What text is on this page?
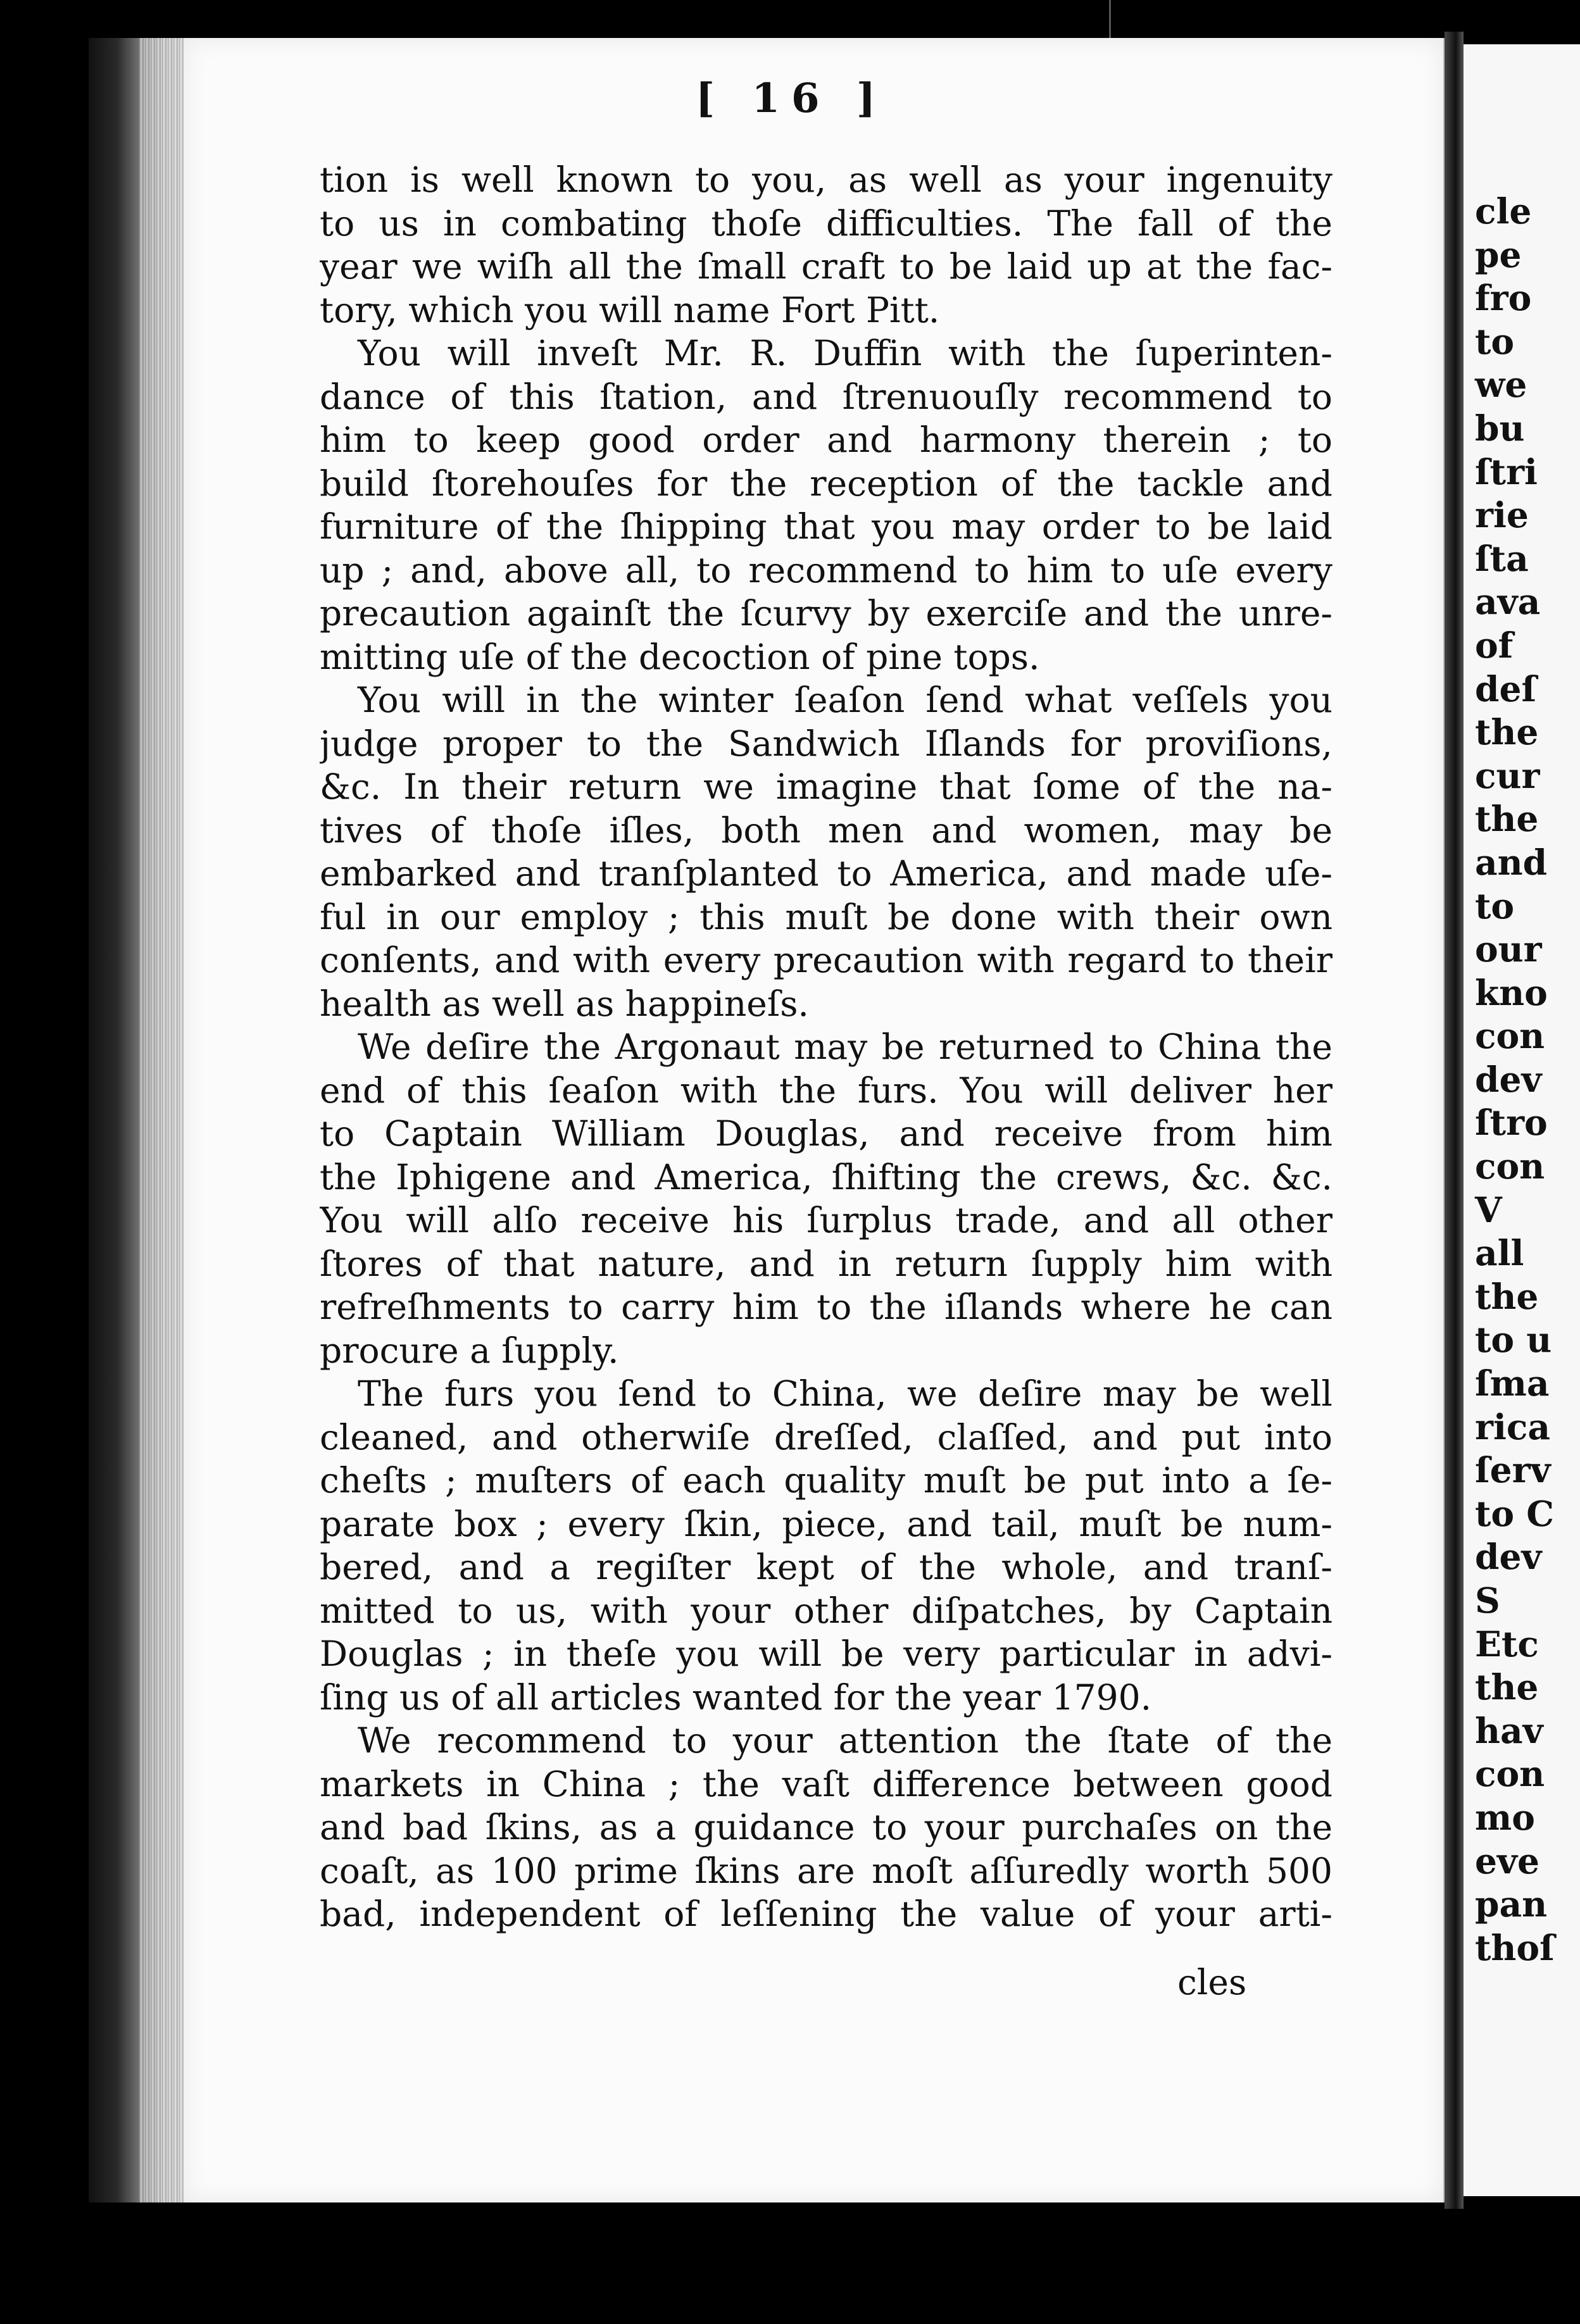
cle
pe
fro
to
we
bu
ſtri
rie
ſta
ava
of
deſ
the
cur
the
and
to
our
kno
con
dev
ſtro
con
V
all
the
to u
ſma
rica
ſerv
to C
dev
S
Etc
the
hav
con
mo
eve
pan
thoſ
[ 16 ]
tion is well known to you, as well as your ingenuity
to us in combating thoſe difficulties. The fall of the
year we wiſh all the ſmall craft to be laid up at the fac-
tory, which you will name Fort Pitt.
You will inveſt Mr. R. Duffin with the ſuperinten-
dance of this ſtation, and ſtrenuouſly recommend to
him to keep good order and harmony therein ; to
build ſtorehouſes for the reception of the tackle and
furniture of the ſhipping that you may order to be laid
up ; and, above all, to recommend to him to uſe every
precaution againſt the ſcurvy by exerciſe and the unre-
mitting uſe of the decoction of pine tops.
You will in the winter ſeaſon ſend what veſſels you
judge proper to the Sandwich Iſlands for proviſions,
&c. In their return we imagine that ſome of the na-
tives of thoſe iſles, both men and women, may be
embarked and tranſplanted to America, and made uſe-
ful in our employ ; this muſt be done with their own
conſents, and with every precaution with regard to their
health as well as happineſs.
We deſire the Argonaut may be returned to China the
end of this ſeaſon with the furs. You will deliver her
to Captain William Douglas, and receive from him
the Iphigene and America, ſhifting the crews, &c. &c.
You will alſo receive his ſurplus trade, and all other
ſtores of that nature, and in return ſupply him with
refreſhments to carry him to the iſlands where he can
procure a ſupply.
The furs you ſend to China, we deſire may be well
cleaned, and otherwiſe dreſſed, claſſed, and put into
cheſts ; muſters of each quality muſt be put into a ſe-
parate box ; every ſkin, piece, and tail, muſt be num-
bered, and a regiſter kept of the whole, and tranſ-
mitted to us, with your other diſpatches, by Captain
Douglas ; in theſe you will be very particular in advi-
ſing us of all articles wanted for the year 1790.
We recommend to your attention the ſtate of the
markets in China ; the vaſt difference between good
and bad ſkins, as a guidance to your purchaſes on the
coaſt, as 100 prime ſkins are moſt aſſuredly worth 500
bad, independent of leſſening the value of your arti-
cles
